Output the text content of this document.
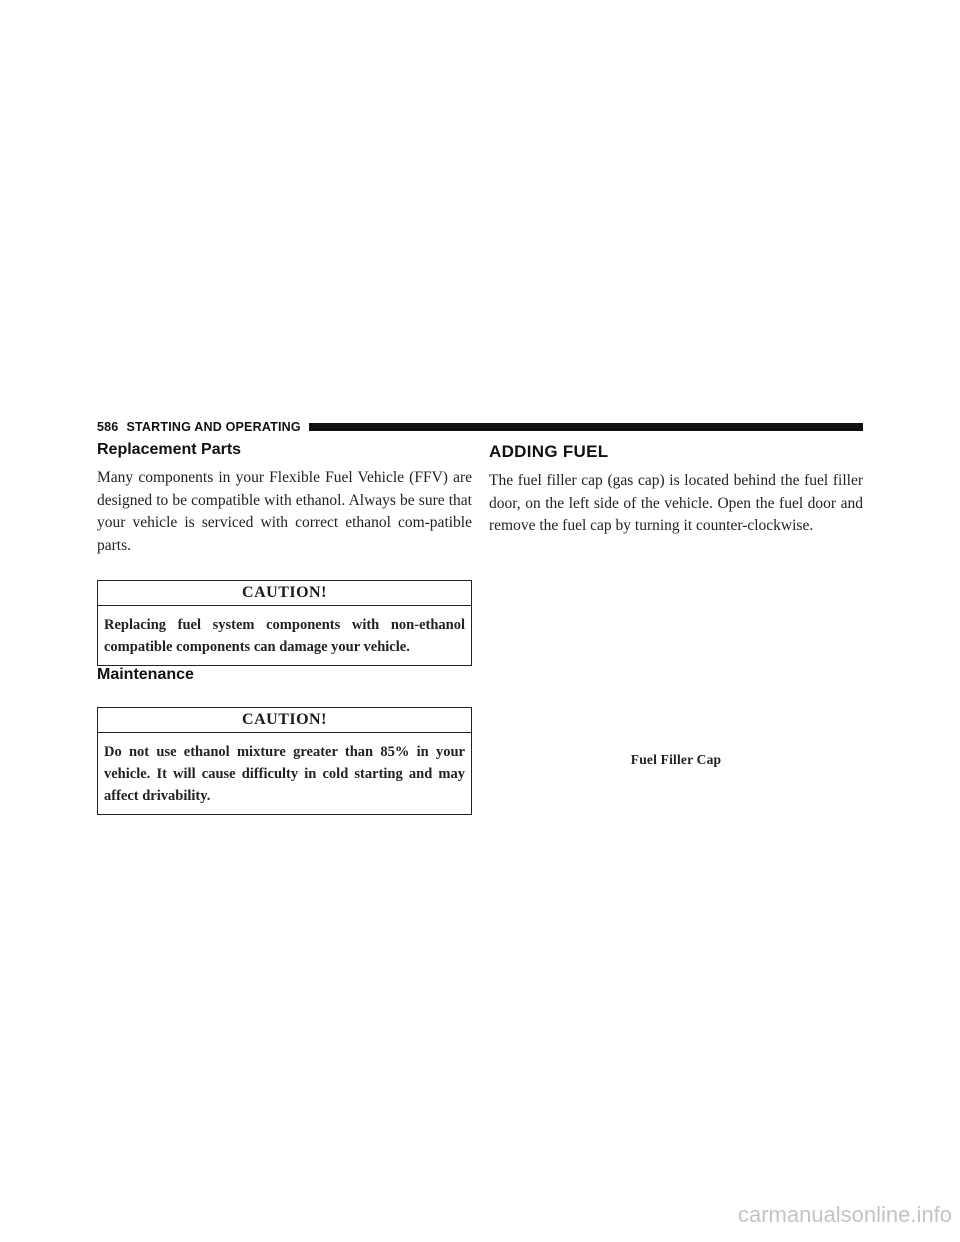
586 STARTING AND OPERATING
Replacement Parts

Many components in your Flexible Fuel Vehicle (FFV) are designed to be compatible with ethanol. Always be sure that your vehicle is serviced with correct ethanol com-patible parts.

CAUTION!
Replacing fuel system components with non-ethanol compatible components can damage your vehicle.
Maintenance
CAUTION!
Do not use ethanol mixture greater than 85% in your vehicle. It will cause difficulty in cold starting and may affect drivability.
ADDING FUEL

The fuel filler cap (gas cap) is located behind the fuel filler door, on the left side of the vehicle. Open the fuel door and remove the fuel cap by turning it counter-clockwise.

Fuel Filler Cap
carmanualsonline.info
